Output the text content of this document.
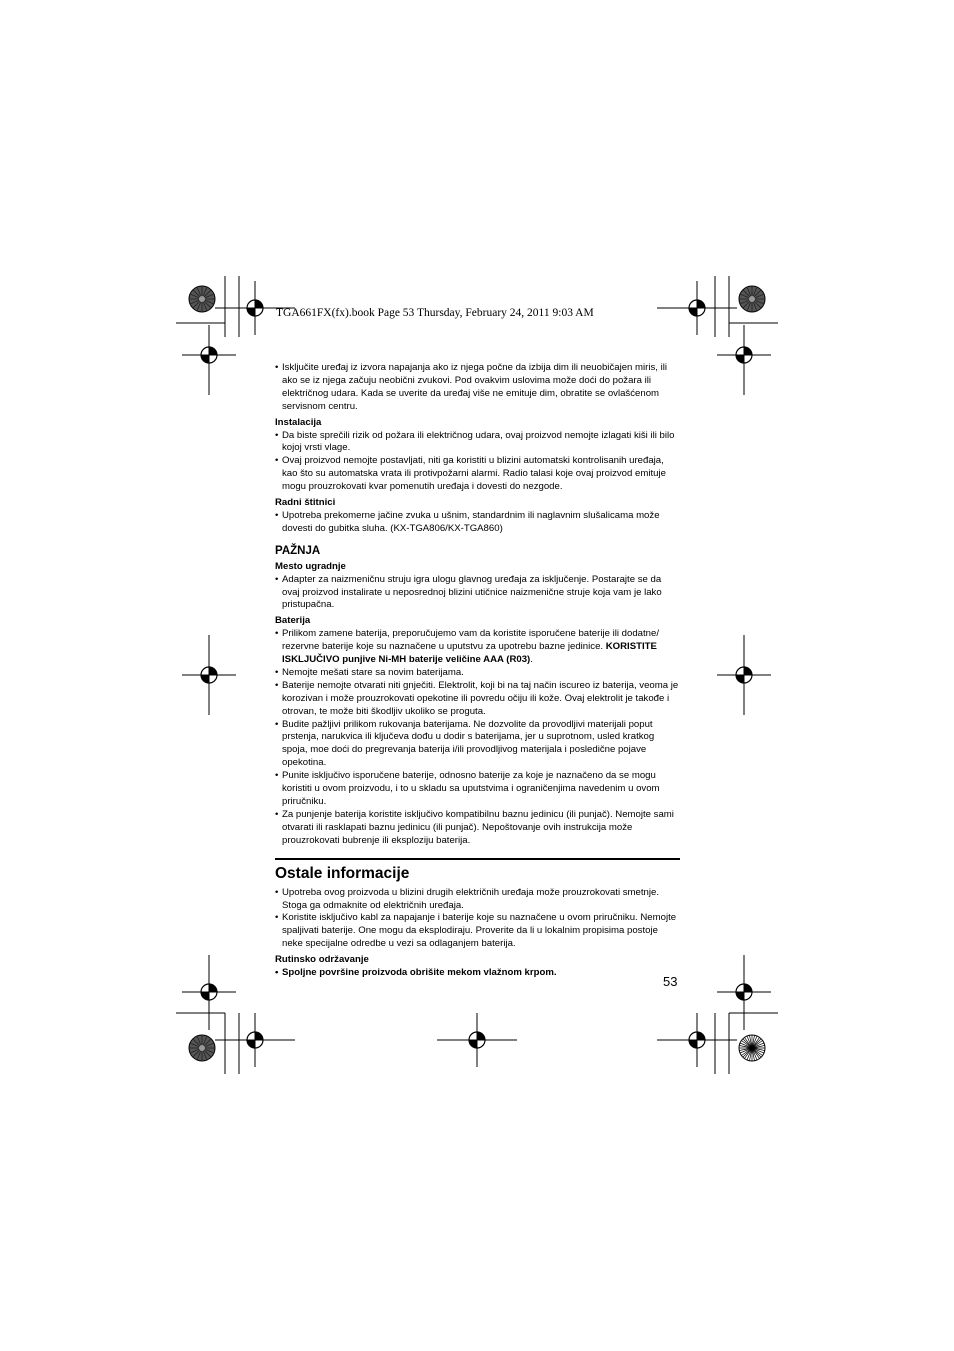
TGA661FX(fx).book Page 53 Thursday, February 24, 2011 9:03 AM
• Isključite uređaj iz izvora napajanja ako iz njega počne da izbija dim ili neuobičajen miris, ili ako se iz njega začuju neobični zvukovi. Pod ovakvim uslovima može doći do požara ili električnog udara. Kada se uverite da uređaj više ne emituje dim, obratite se ovlašćenom servisnom centru.
Instalacija
• Da biste sprečili rizik od požara ili električnog udara, ovaj proizvod nemojte izlagati kiši ili bilo kojoj vrsti vlage.
• Ovaj proizvod nemojte postavljati, niti ga koristiti u blizini automatski kontrolisanih uređaja, kao što su automatska vrata ili protivpožarni alarmi. Radio talasi koje ovaj proizvod emituje mogu prouzrokovati kvar pomenutih uređaja i dovesti do nezgode.
Radni štitnici
• Upotreba prekomerne jačine zvuka u ušnim, standardnim ili naglavnim slušalicama može dovesti do gubitka sluha. (KX-TGA806/KX-TGA860)
PAŽNJA
Mesto ugradnje
• Adapter za naizmeničnu struju igra ulogu glavnog uređaja za isključenje. Postarajte se da ovaj proizvod instalirate u neposrednoj blizini utičnice naizmenične struje koja vam je lako pristupačna.
Baterija
• Prilikom zamene baterija, preporučujemo vam da koristite isporučene baterije ili dodatne/ rezervne baterije koje su naznačene u uputstvu za upotrebu bazne jedinice. KORISTITE ISKLJUČIVO punjive Ni-MH baterije veličine AAA (R03).
• Nemojte mešati stare sa novim baterijama.
• Baterije nemojte otvarati niti gnječiti. Elektrolit, koji bi na taj način iscureo iz baterija, veoma je korozivan i može prouzrokovati opekotine ili povredu očiju ili kože. Ovaj elektrolit je takođe i otrovan, te može biti škodljiv ukoliko se proguta.
• Budite pažljivi prilikom rukovanja baterijama. Ne dozvolite da provodljivi materijali poput prstenja, narukvica ili ključeva dođu u dodir s baterijama, jer u suprotnom, usled kratkog spoja, moe doći do pregrevanja baterija i/ili provodljivog materijala i posledične pojave opekotina.
• Punite isključivo isporučene baterije, odnosno baterije za koje je naznačeno da se mogu koristiti u ovom proizvodu, i to u skladu sa uputstvima i ograničenjima navedenim u ovom priručniku.
• Za punjenje baterija koristite isključivo kompatibilnu baznu jedinicu (ili punjač). Nemojte sami otvarati ili rasklapati baznu jedinicu (ili punjač). Nepoštovanje ovih instrukcija može prouzrokovati bubrenje ili eksploziju baterija.
Ostale informacije
• Upotreba ovog proizvoda u blizini drugih električnih uređaja može prouzrokovati smetnje. Stoga ga odmaknite od električnih uređaja.
• Koristite isključivo kabl za napajanje i baterije koje su naznačene u ovom priručniku. Nemojte spaljivati baterije. One mogu da eksplodiraju. Proverite da li u lokalnim propisima postoje neke specijalne odredbe u vezi sa odlaganjem baterija.
Rutinsko održavanje
• Spoljne površine proizvoda obrišite mekom vlažnom krpom.
53
